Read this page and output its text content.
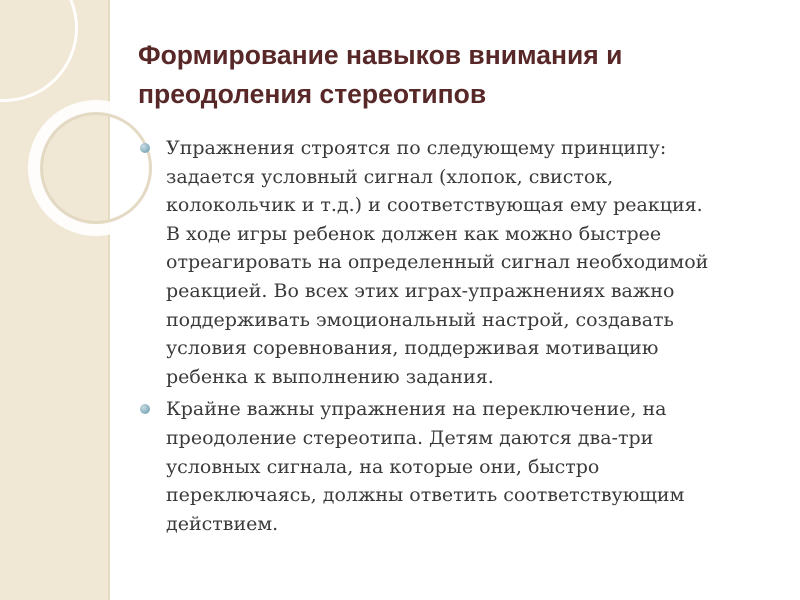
Формирование навыков внимания и
преодоления стереотипов
Упражнения строятся по следующему принципу:
задается условный сигнал (хлопок, свисток,
колокольчик и т.д.) и соответствующая ему реакция.
В ходе игры ребенок должен как можно быстрее
отреагировать на определенный сигнал необходимой
реакцией. Во всех этих играх-упражнениях важно
поддерживать эмоциональный настрой, создавать
условия соревнования, поддерживая мотивацию
ребенка к выполнению задания.
Крайне важны упражнения на переключение, на
преодоление стереотипа. Детям даются два-три
условных сигнала, на которые они, быстро
переключаясь, должны ответить соответствующим
действием.
